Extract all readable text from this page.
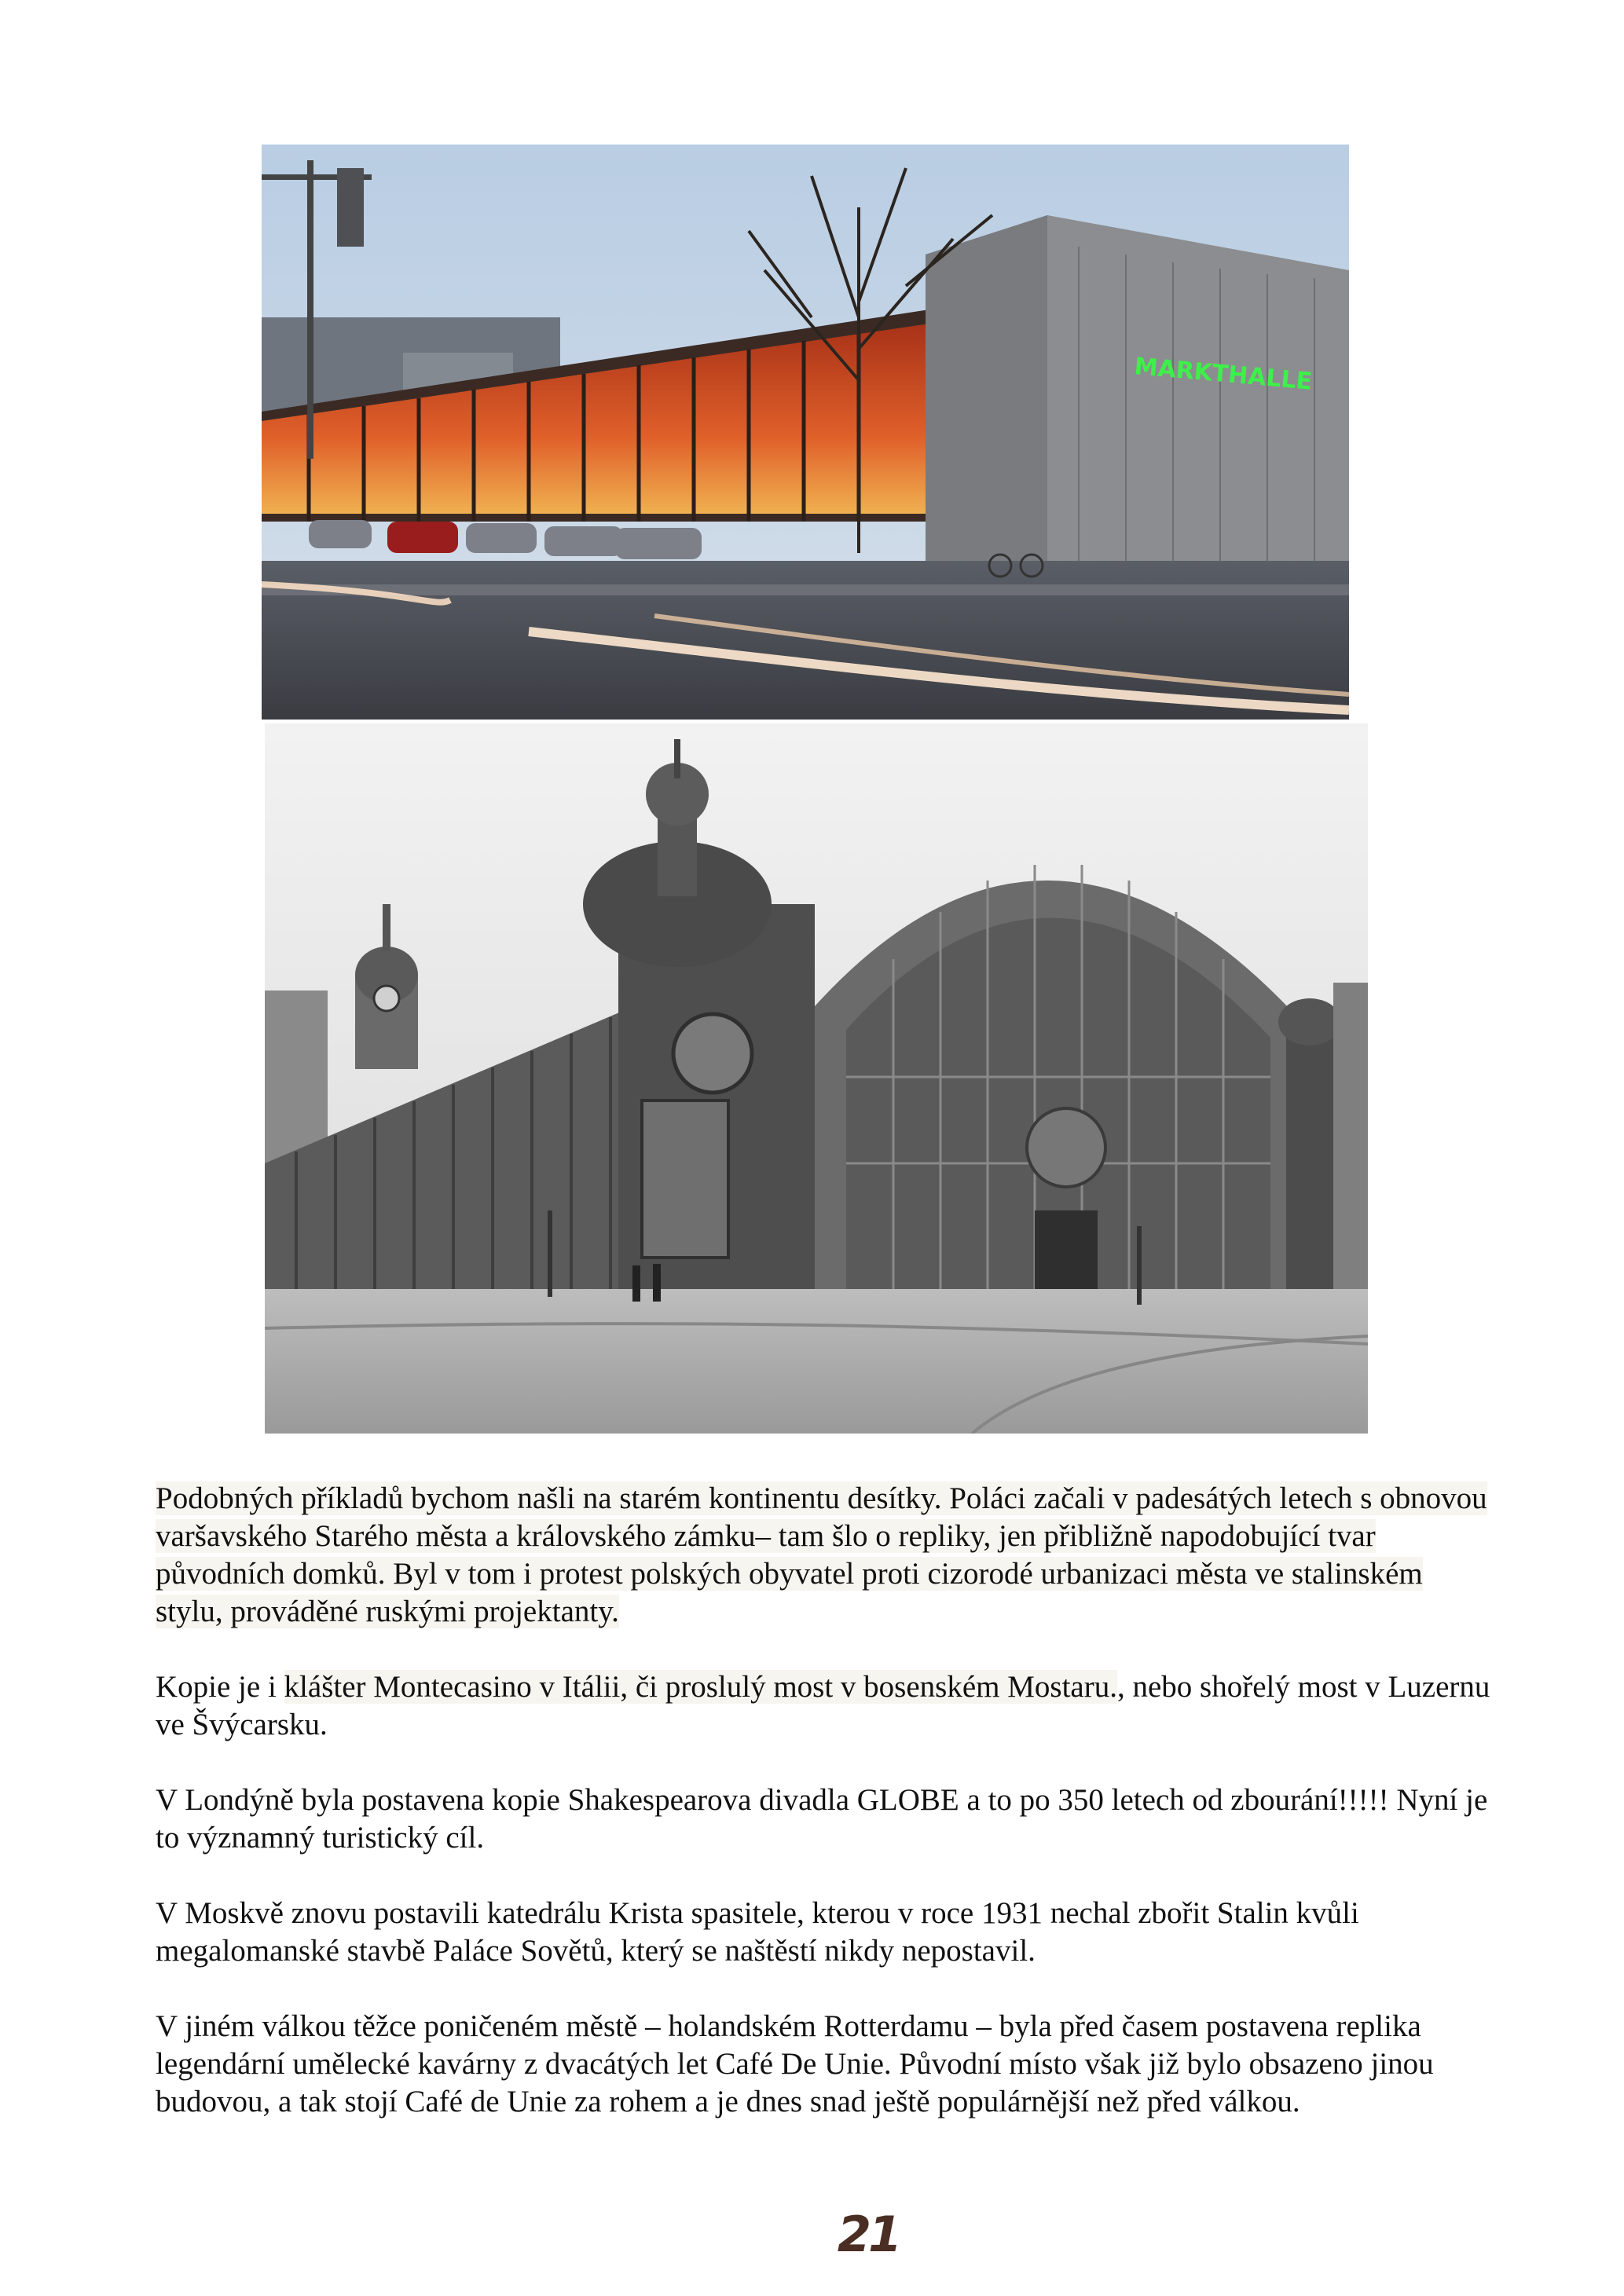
MARKTHALLE

Podobných příkladů bychom našli na starém kontinentu desítky. Poláci začali v padesátých letech s obnovou varšavského Starého města a královského zámku– tam šlo o repliky, jen přibližně napodobující tvar původních domků. Byl v tom i protest polských obyvatel proti cizorodé urbanizaci města ve stalinském stylu, prováděné ruskými projektanty.

Kopie je i klášter Montecasino v Itálii, či proslulý most v bosenském Mostaru., nebo shořelý most v Luzernu ve Švýcarsku.

V Londýně byla postavena kopie Shakespearova divadla GLOBE a to po 350 letech od zbourání!!!!! Nyní je to významný turistický cíl.

V Moskvě znovu postavili katedrálu Krista spasitele, kterou v roce 1931 nechal zbořit Stalin kvůli megalomanské stavbě Paláce Sovětů, který se naštěstí nikdy nepostavil.

V jiném válkou těžce poničeném městě – holandském Rotterdamu – byla před časem postavena replika legendární umělecké kavárny z dvacátých let Café De Unie. Původní místo však již bylo obsazeno jinou budovou, a tak stojí Café de Unie za rohem a je dnes snad ještě populárnější než před válkou.

21
